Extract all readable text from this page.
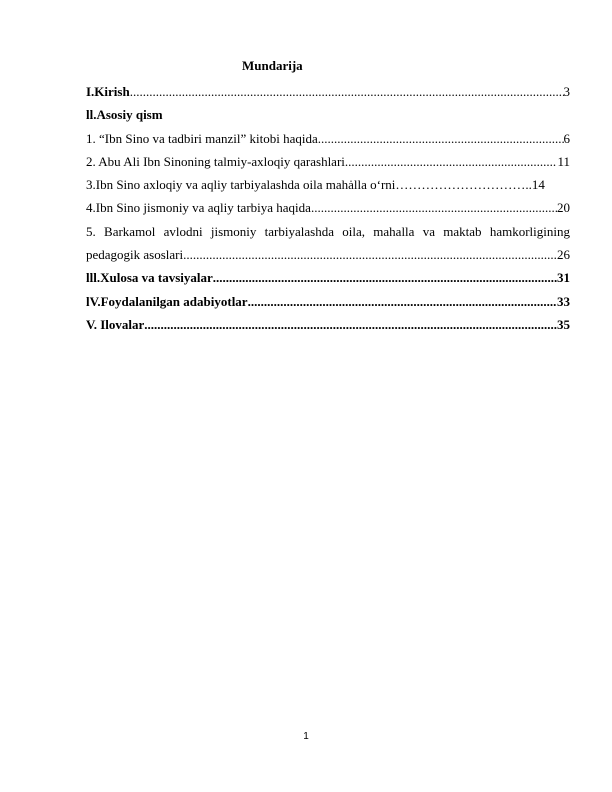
Mundarija
I.Kirish .....	3
ll.Asosiy qism
1. “Ibn Sino va tadbiri manzil” kitobi haqida .....	6
2. Abu Ali Ibn Sinoning talmiy-axloqiy qarashlari .....	11
3.Ibn Sino axloqiy va aqliy tarbiyalashda oila mahȧlla o‘rni………………………… ..14
4.Ibn Sino jismoniy va aqliy tarbiya haqida .....	20
5. Barkamol avlodni jismoniy tarbiyalashda oila, mahalla va maktab hamkorligining
pedagogik asoslari .....	26
lll.Xulosa va tavsiyalar .....	31
lV.Foydalanilgan adabiyotlar .....	33
V. Ilovalar .....	35
1
